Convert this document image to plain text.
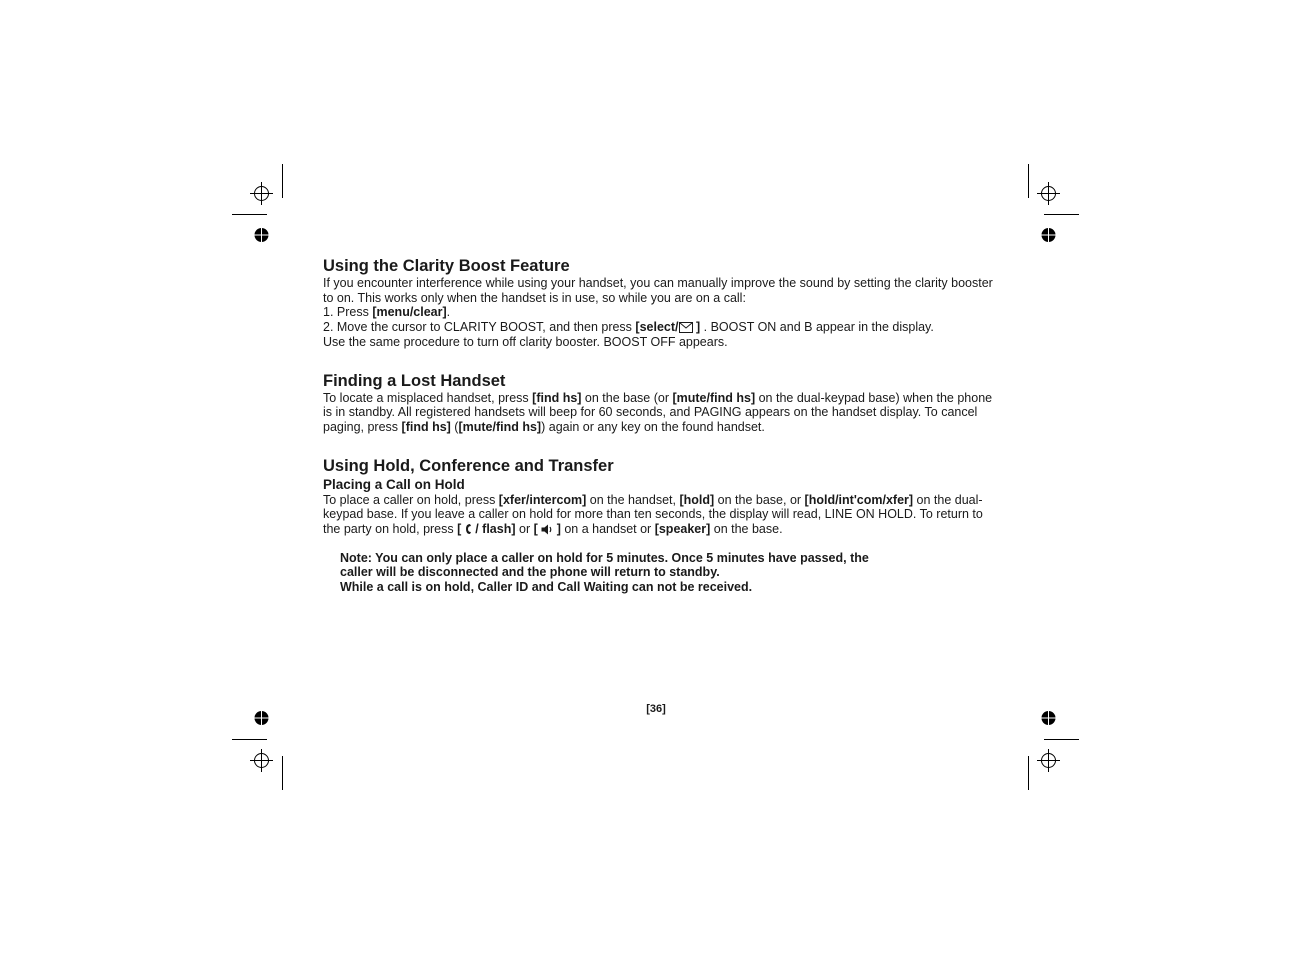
Using the Clarity Boost Feature

If you encounter interference while using your handset, you can manually improve the sound by setting the clarity booster to on. This works only when the handset is in use, so while you are on a call:

1. Press [menu/clear].

2. Move the cursor to CLARITY BOOST, and then press [select/ ] . BOOST ON and B appear in the display.

Use the same procedure to turn off clarity booster. BOOST OFF appears.

Finding a Lost Handset

To locate a misplaced handset, press [find hs] on the base (or [mute/find hs] on the dual-keypad base) when the phone is in standby. All registered handsets will beep for 60 seconds, and PAGING appears on the handset display. To cancel paging, press [find hs] ([mute/find hs]) again or any key on the found handset.

Using Hold, Conference and Transfer
Placing a Call on Hold

To place a caller on hold, press [xfer/intercom] on the handset, [hold] on the base, or [hold/int'com/xfer] on the dual-keypad base. If you leave a caller on hold for more than ten seconds, the display will read, LINE ON HOLD. To return to the party on hold, press [  / flash] or [  ] on a handset or [speaker] on the base.

Note: You can only place a caller on hold for 5 minutes. Once 5 minutes have passed, the
caller will be disconnected and the phone will return to standby.
While a call is on hold, Caller ID and Call Waiting can not be received.
[36]
